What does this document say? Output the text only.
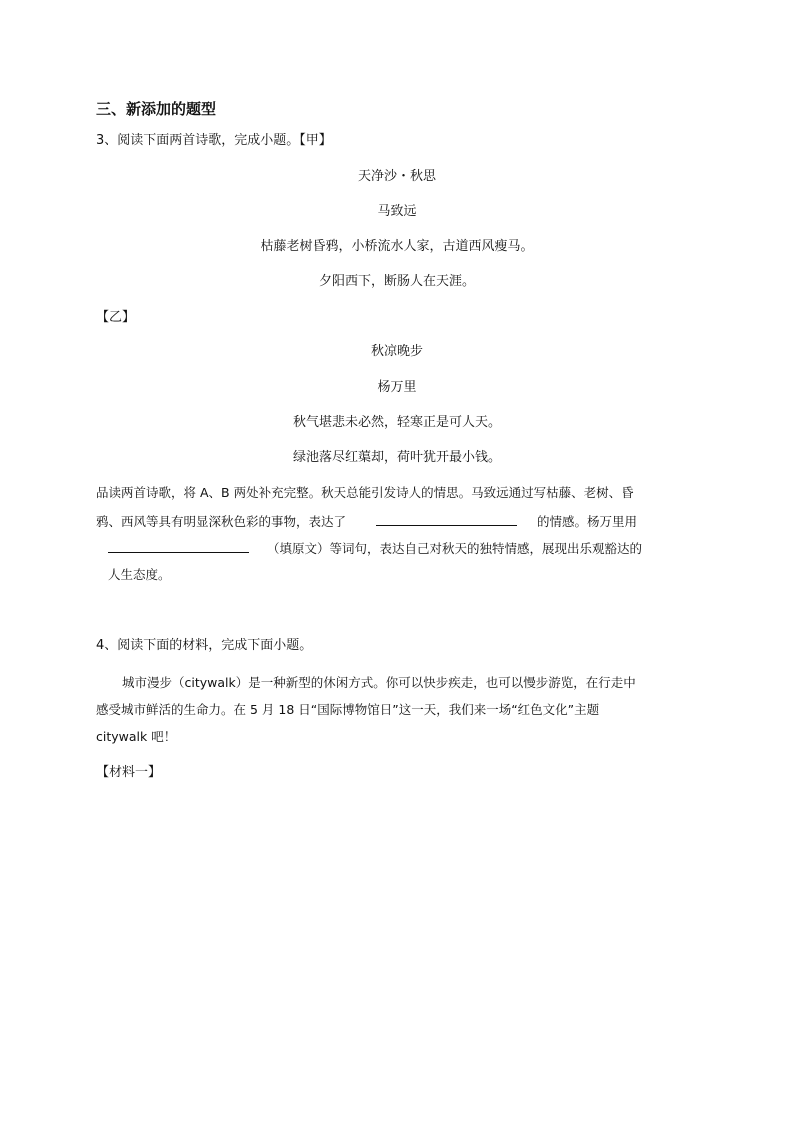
三、新添加的题型
3、阅读下面两首诗歌，完成小题。【甲】
天净沙・秋思
马致远
枯藤老树昏鸦，小桥流水人家，古道西风瘦马。
夕阳西下，断肠人在天涯。
【乙】
秋凉晚步
杨万里
秋气堪悲未必然，轻寒正是可人天。
绿池落尽红蕖却，荷叶犹开最小钱。
品读两首诗歌，将 A、B 两处补充完整。秋天总能引发诗人的情思。马致远通过写枯藤、老树、昏
鸦、西风等具有明显深秋色彩的事物，表达了	的情感。杨万里用
（填原文）等词句，表达自己对秋天的独特情感，展现出乐观豁达的
人生态度。
4、阅读下面的材料，完成下面小题。
城市漫步（citywalk）是一种新型的休闲方式。你可以快步疾走，也可以慢步游览，在行走中
感受城市鲜活的生命力。在 5 月 18 日“国际博物馆日”这一天，我们来一场“红色文化”主题
citywalk 吧！
【材料一】
